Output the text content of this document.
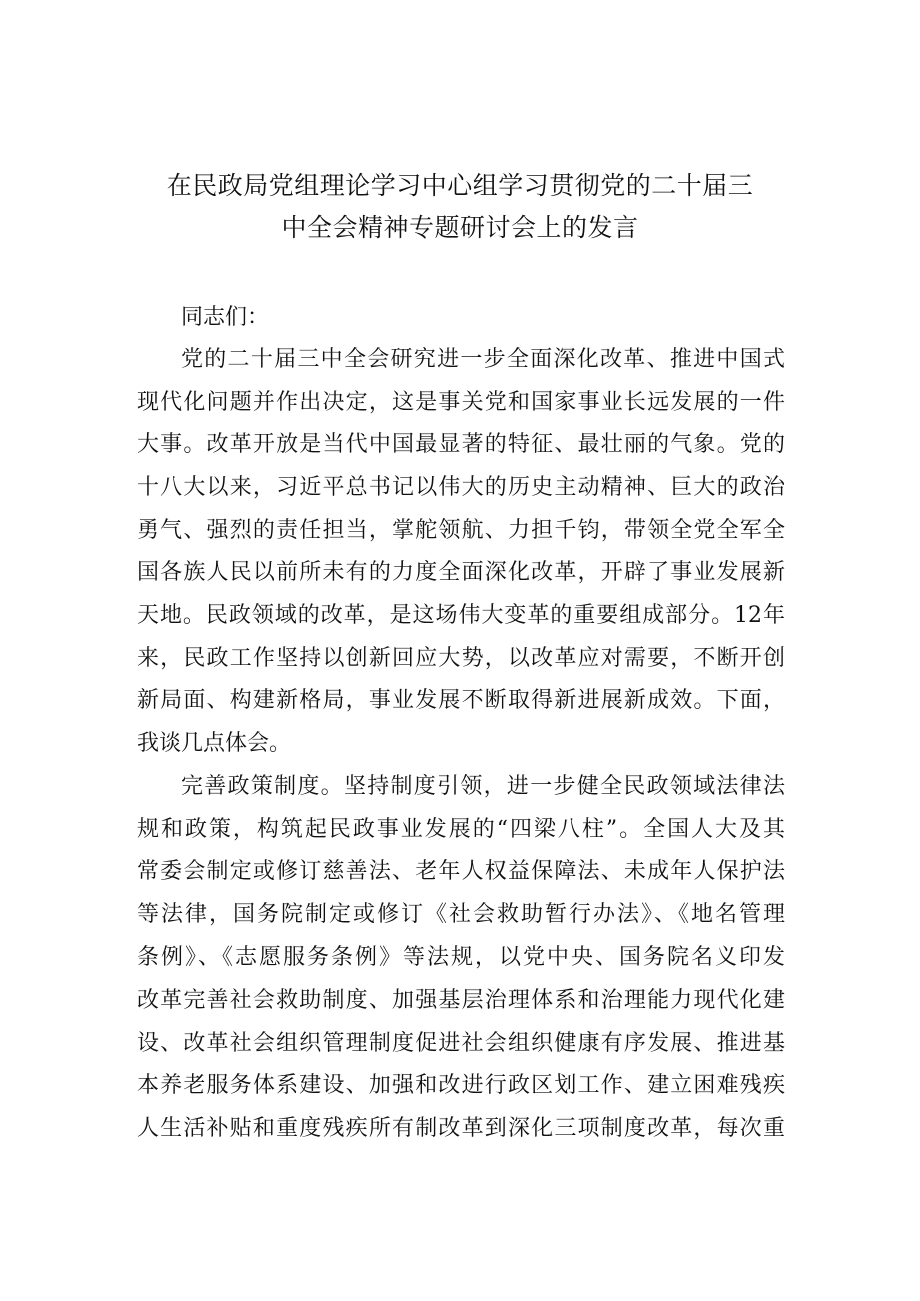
在民政局党组理论学习中心组学习贯彻党的二十届三
中全会精神专题研讨会上的发言
同志们：
党的二十届三中全会研究进一步全面深化改革、推进中国式
现代化问题并作出决定，这是事关党和国家事业长远发展的一件
大事。改革开放是当代中国最显著的特征、最壮丽的气象。党的
十八大以来，习近平总书记以伟大的历史主动精神、巨大的政治
勇气、强烈的责任担当，掌舵领航、力担千钧，带领全党全军全
国各族人民以前所未有的力度全面深化改革，开辟了事业发展新
天地。民政领域的改革，是这场伟大变革的重要组成部分。12年
来，民政工作坚持以创新回应大势，以改革应对需要，不断开创
新局面、构建新格局，事业发展不断取得新进展新成效。下面，
我谈几点体会。
完善政策制度。坚持制度引领，进一步健全民政领域法律法
规和政策，构筑起民政事业发展的“四梁八柱”。全国人大及其
常委会制定或修订慈善法、老年人权益保障法、未成年人保护法
等法律，国务院制定或修订《社会救助暂行办法》、《地名管理
条例》、《志愿服务条例》等法规，以党中央、国务院名义印发
改革完善社会救助制度、加强基层治理体系和治理能力现代化建
设、改革社会组织管理制度促进社会组织健康有序发展、推进基
本养老服务体系建设、加强和改进行政区划工作、建立困难残疾
人生活补贴和重度残疾所有制改革到深化三项制度改革，每次重
